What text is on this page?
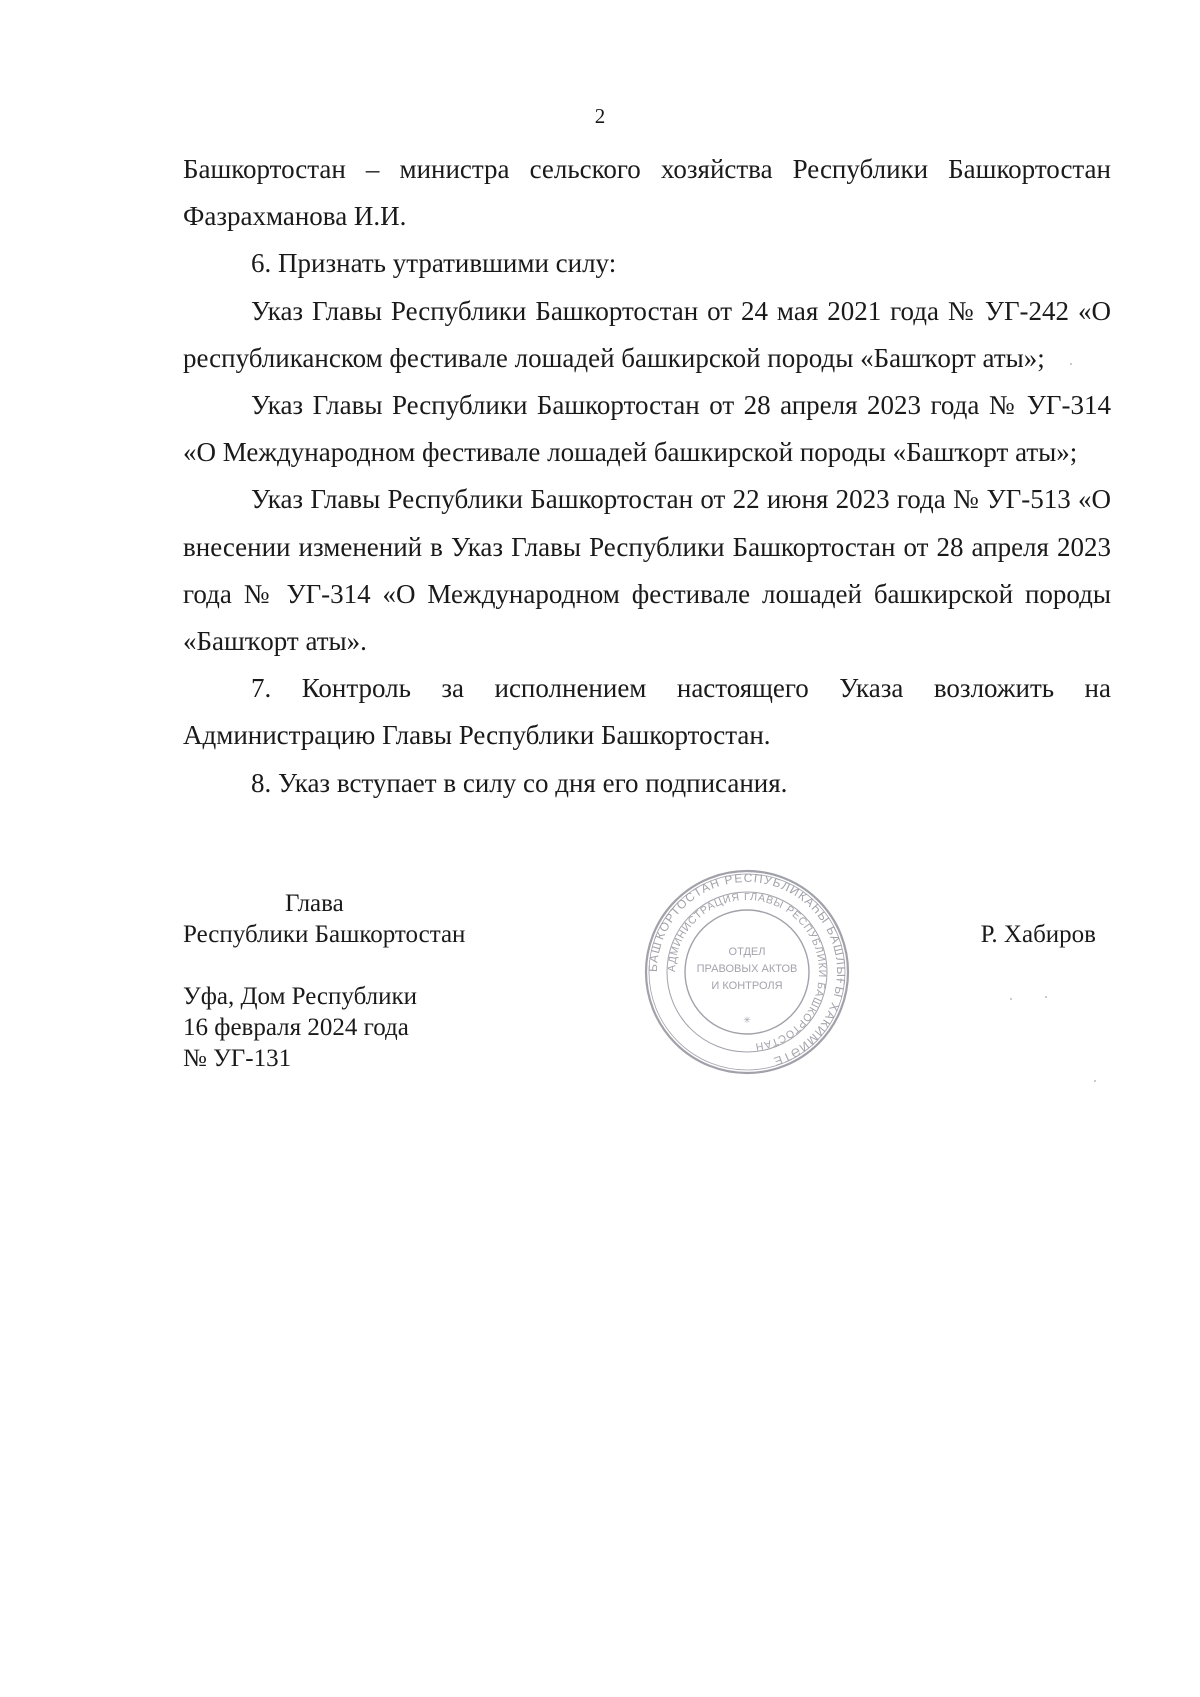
2

Башкортостан – министра сельского хозяйства Республики Башкортостан Фазрахманова И.И.

6. Признать утратившими силу:

Указ Главы Республики Башкортостан от 24 мая 2021 года № УГ-242 «О республиканском фестивале лошадей башкирской породы «Башҡорт аты»;

Указ Главы Республики Башкортостан от 28 апреля 2023 года № УГ-314 «О Международном фестивале лошадей башкирской породы «Башҡорт аты»;

Указ Главы Республики Башкортостан от 22 июня 2023 года № УГ-513 «О внесении изменений в Указ Главы Республики Башкортостан от 28 апреля 2023 года № УГ-314 «О Международном фестивале лошадей башкирской породы «Башҡорт аты».

7. Контроль за исполнением настоящего Указа возложить на Администрацию Главы Республики Башкортостан.

8. Указ вступает в силу со дня его подписания.

Глава
Республики Башкортостан	Р. Хабиров
Уфа, Дом Республики
16 февраля 2024 года
№ УГ-131
БАШҠОРТОСТАН РЕСПУБЛИКАҺЫ БАШЛЫҒЫ ХАКИМИӘТЕ
АДМИНИСТРАЦИЯ ГЛАВЫ РЕСПУБЛИКИ БАШКОРТОСТАН
ОТДЕЛ
ПРАВОВЫХ АКТОВ
И КОНТРОЛЯ
✳
